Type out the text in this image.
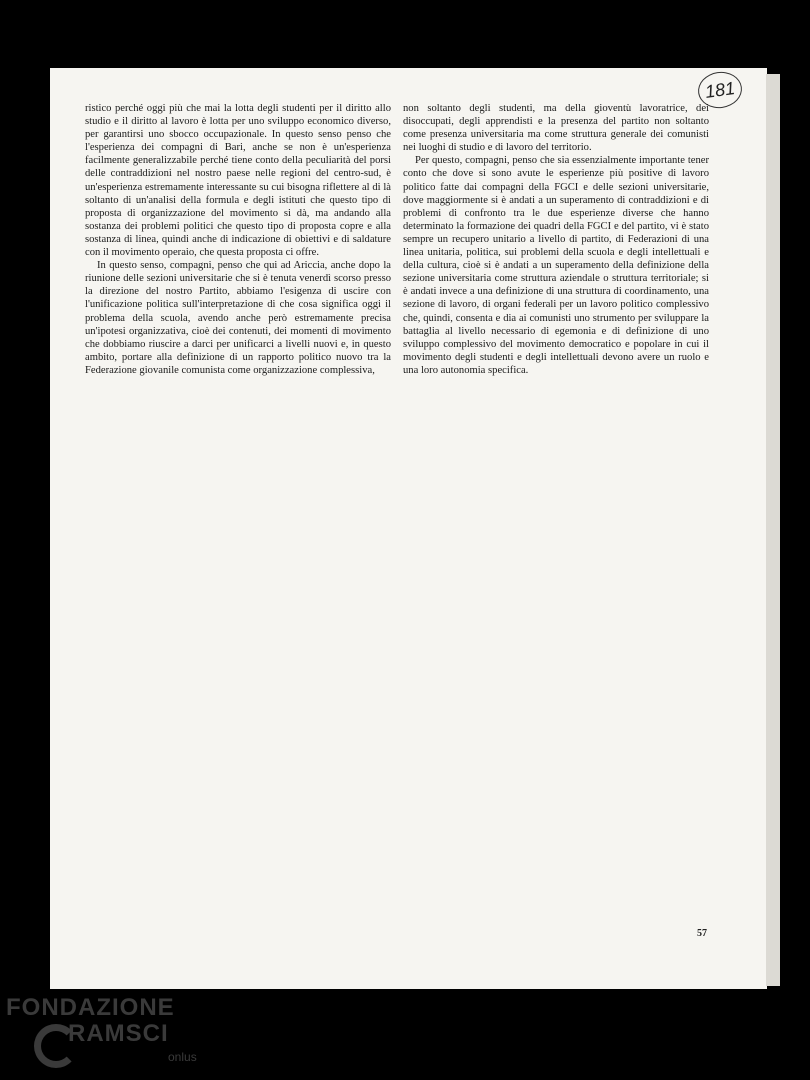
181

ristico perché oggi più che mai la lotta degli studenti per il diritto allo studio e il diritto al lavoro è lotta per uno sviluppo economico diverso, per garantirsi uno sbocco occupazionale. In questo senso penso che l'esperienza dei compagni di Bari, anche se non è un'esperienza facilmente generalizzabile perché tiene conto della peculiarità del porsi delle contraddizioni nel nostro paese nelle regioni del centro-sud, è un'esperienza estremamente interessante su cui bisogna riflettere al di là soltanto di un'analisi della formula e degli istituti che questo tipo di proposta di organizzazione del movimento si dà, ma andando alla sostanza dei problemi politici che questo tipo di proposta copre e alla sostanza di linea, quindi anche di indicazione di obiettivi e di saldature con il movimento operaio, che questa proposta ci offre.

In questo senso, compagni, penso che qui ad Ariccia, anche dopo la riunione delle sezioni universitarie che si è tenuta venerdì scorso presso la direzione del nostro Partito, abbiamo l'esigenza di uscire con l'unificazione politica sull'interpretazione di che cosa significa oggi il problema della scuola, avendo anche però estremamente precisa un'ipotesi organizzativa, cioè dei contenuti, dei momenti di movimento che dobbiamo riuscire a darci per unificarci a livelli nuovi e, in questo ambito, portare alla definizione di un rapporto politico nuovo tra la Federazione giovanile comunista come organizzazione complessiva,

non soltanto degli studenti, ma della gioventù lavoratrice, dei disoccupati, degli apprendisti e la presenza del partito non soltanto come presenza universitaria ma come struttura generale dei comunisti nei luoghi di studio e di lavoro del territorio.

Per questo, compagni, penso che sia essenzialmente importante tener conto che dove si sono avute le esperienze più positive di lavoro politico fatte dai compagni della FGCI e delle sezioni universitarie, dove maggiormente si è andati a un superamento di contraddizioni e di problemi di confronto tra le due esperienze diverse che hanno determinato la formazione dei quadri della FGCI e del partito, vi è stato sempre un recupero unitario a livello di partito, di Federazioni di una linea unitaria, politica, sui problemi della scuola e degli intellettuali e della cultura, cioè si è andati a un superamento della definizione della sezione universitaria come struttura aziendale o struttura territoriale; si è andati invece a una definizione di una struttura di coordinamento, una sezione di lavoro, di organi federali per un lavoro politico complessivo che, quindi, consenta e dia ai comunisti uno strumento per sviluppare la battaglia al livello necessario di egemonia e di definizione di uno sviluppo complessivo del movimento democratico e popolare in cui il movimento degli studenti e degli intellettuali devono avere un ruolo e una loro autonomia specifica.

57
FONDAZIONE
RAMSCI
onlus
